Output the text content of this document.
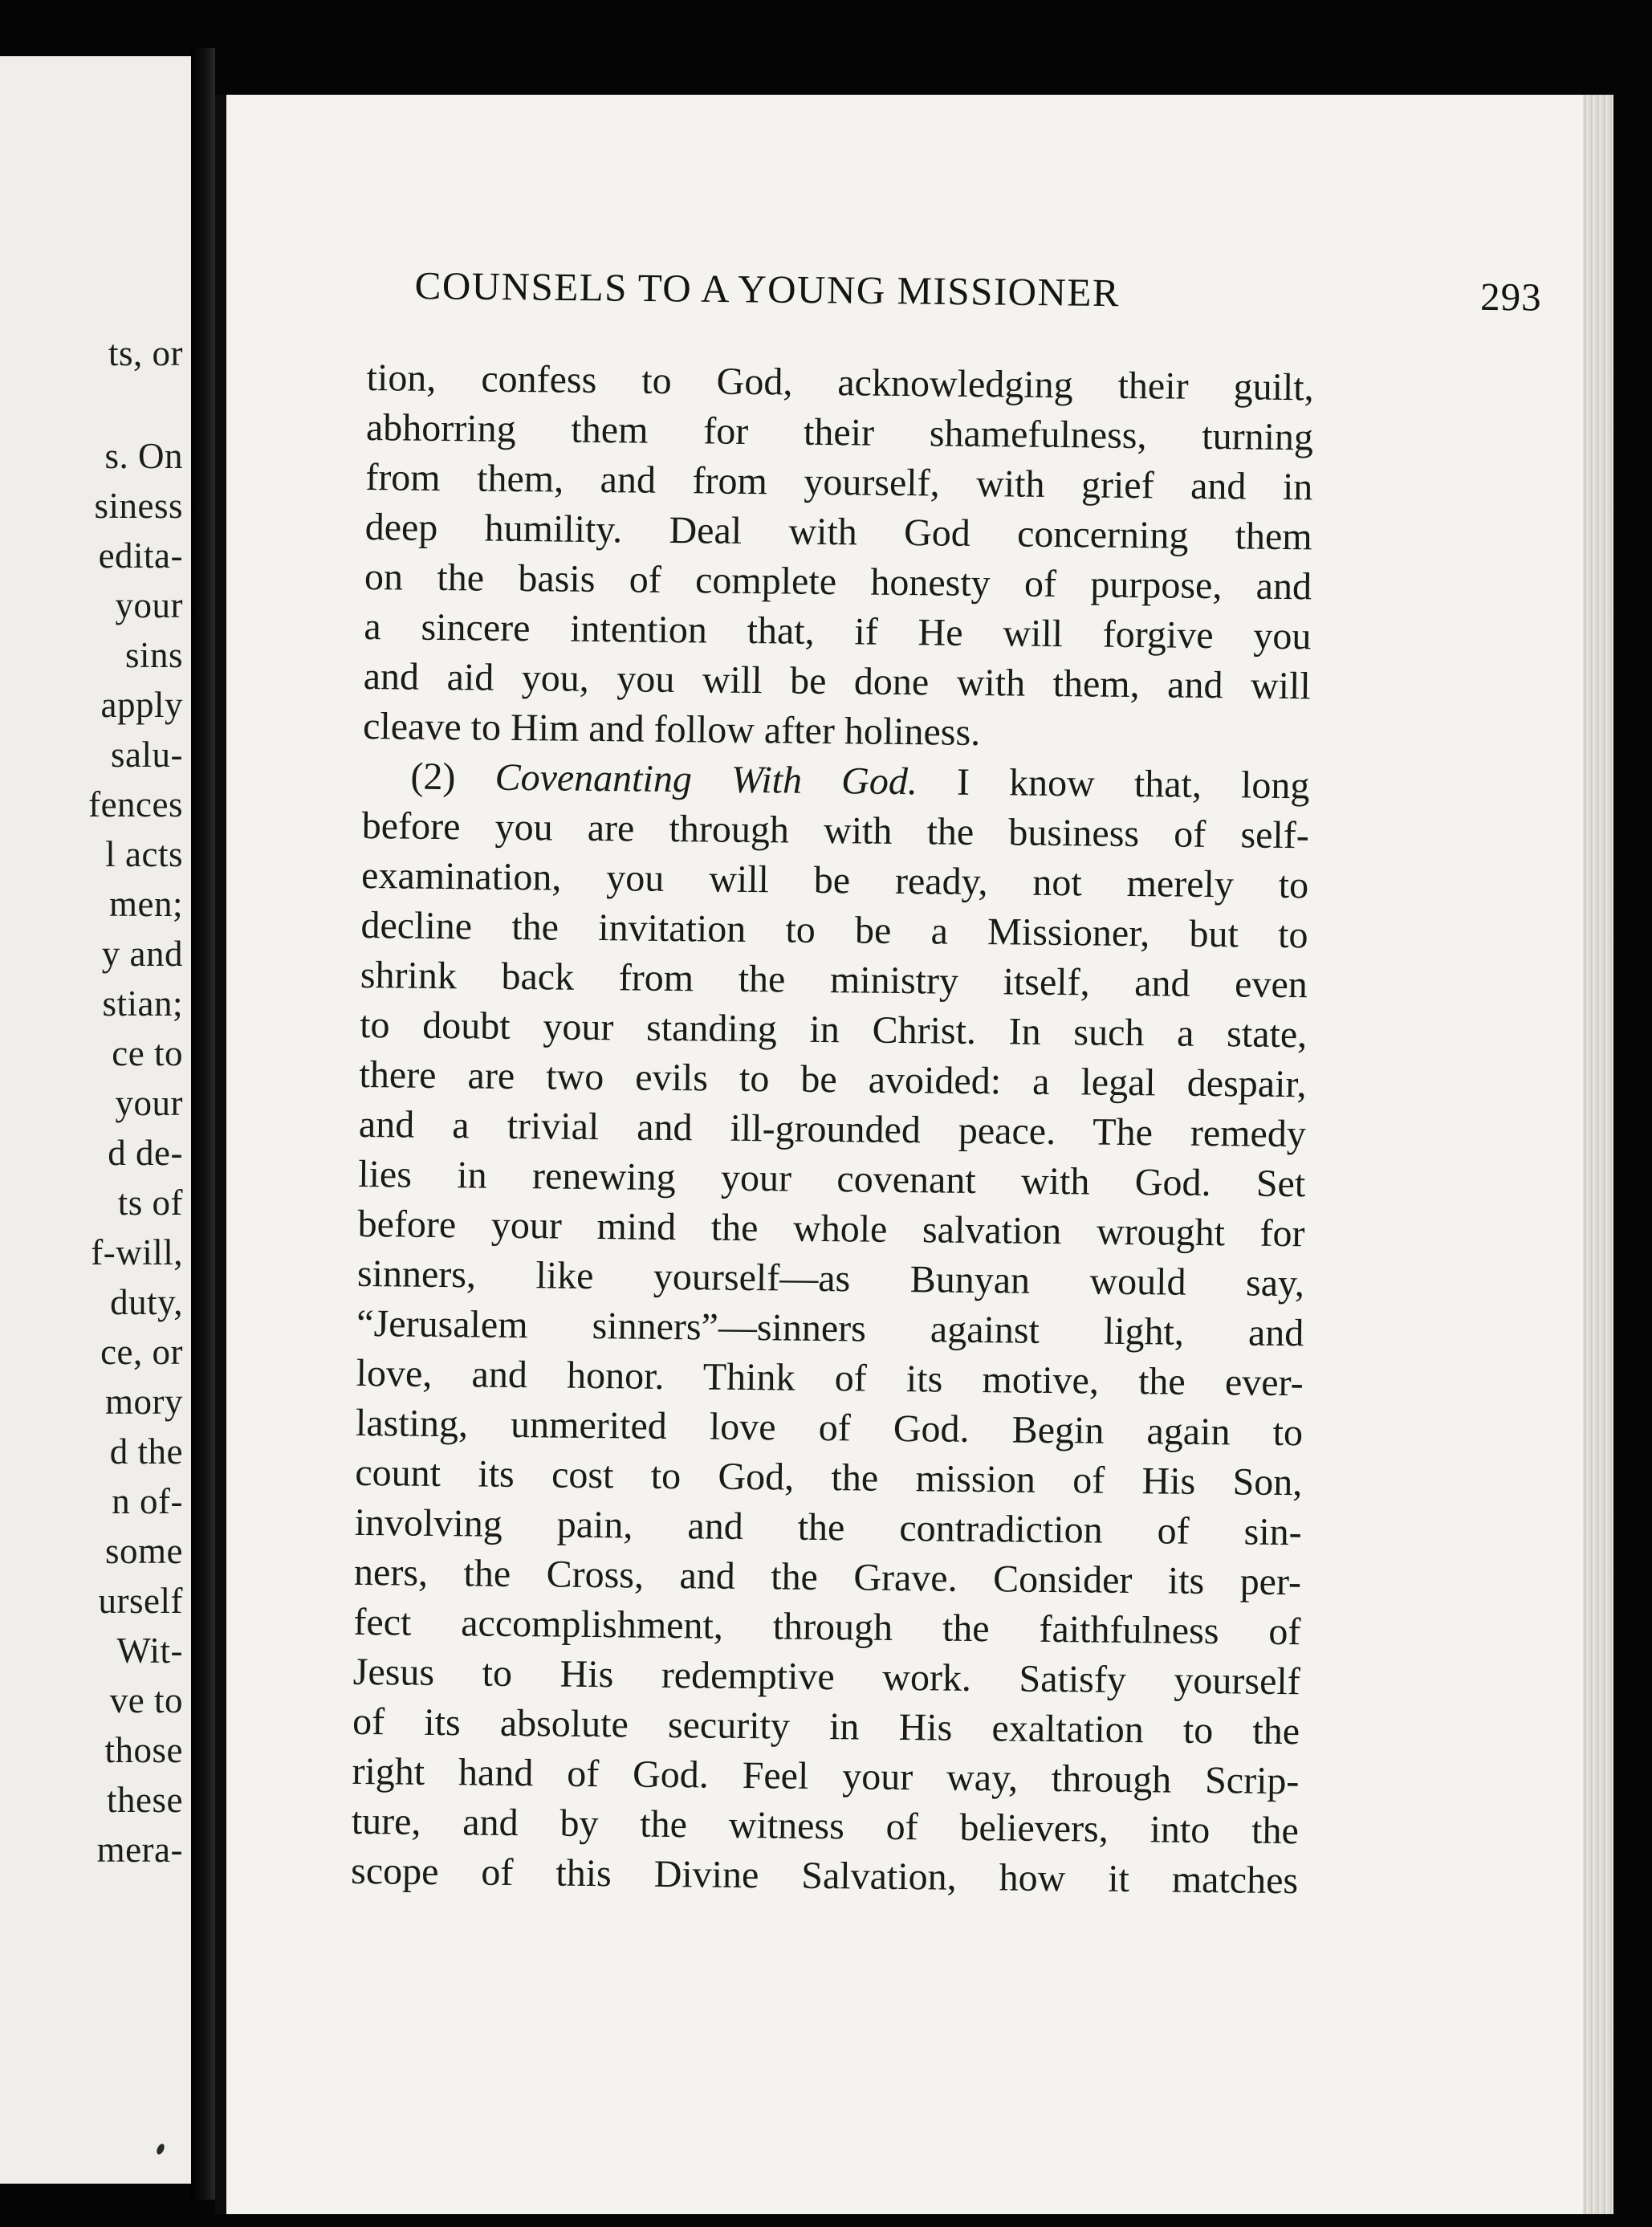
ts, or
s. On
siness
edita-
your
sins
apply
salu-
fences
l acts
men;
y and
stian;
ce to
your
d de-
ts of
f-will,
duty,
ce, or
mory
d the
n of-
some
urself
Wit-
ve to
those
these
mera-
COUNSELS TO A YOUNG MISSIONER	293
tion, confess to God, acknowledging their guilt,
abhorring them for their shamefulness, turning
from them, and from yourself, with grief and in
deep humility. Deal with God concerning them
on the basis of complete honesty of purpose, and
a sincere intention that, if He will forgive you
and aid you, you will be done with them, and will
cleave to Him and follow after holiness.
(2) Covenanting With God. I know that, long
before you are through with the business of self-
examination, you will be ready, not merely to
decline the invitation to be a Missioner, but to
shrink back from the ministry itself, and even
to doubt your standing in Christ. In such a state,
there are two evils to be avoided: a legal despair,
and a trivial and ill-grounded peace. The remedy
lies in renewing your covenant with God. Set
before your mind the whole salvation wrought for
sinners, like yourself—as Bunyan would say,
“Jerusalem sinners”—sinners against light, and
love, and honor. Think of its motive, the ever-
lasting, unmerited love of God. Begin again to
count its cost to God, the mission of His Son,
involving pain, and the contradiction of sin-
ners, the Cross, and the Grave. Consider its per-
fect accomplishment, through the faithfulness of
Jesus to His redemptive work. Satisfy yourself
of its absolute security in His exaltation to the
right hand of God. Feel your way, through Scrip-
ture, and by the witness of believers, into the
scope of this Divine Salvation, how it matches
